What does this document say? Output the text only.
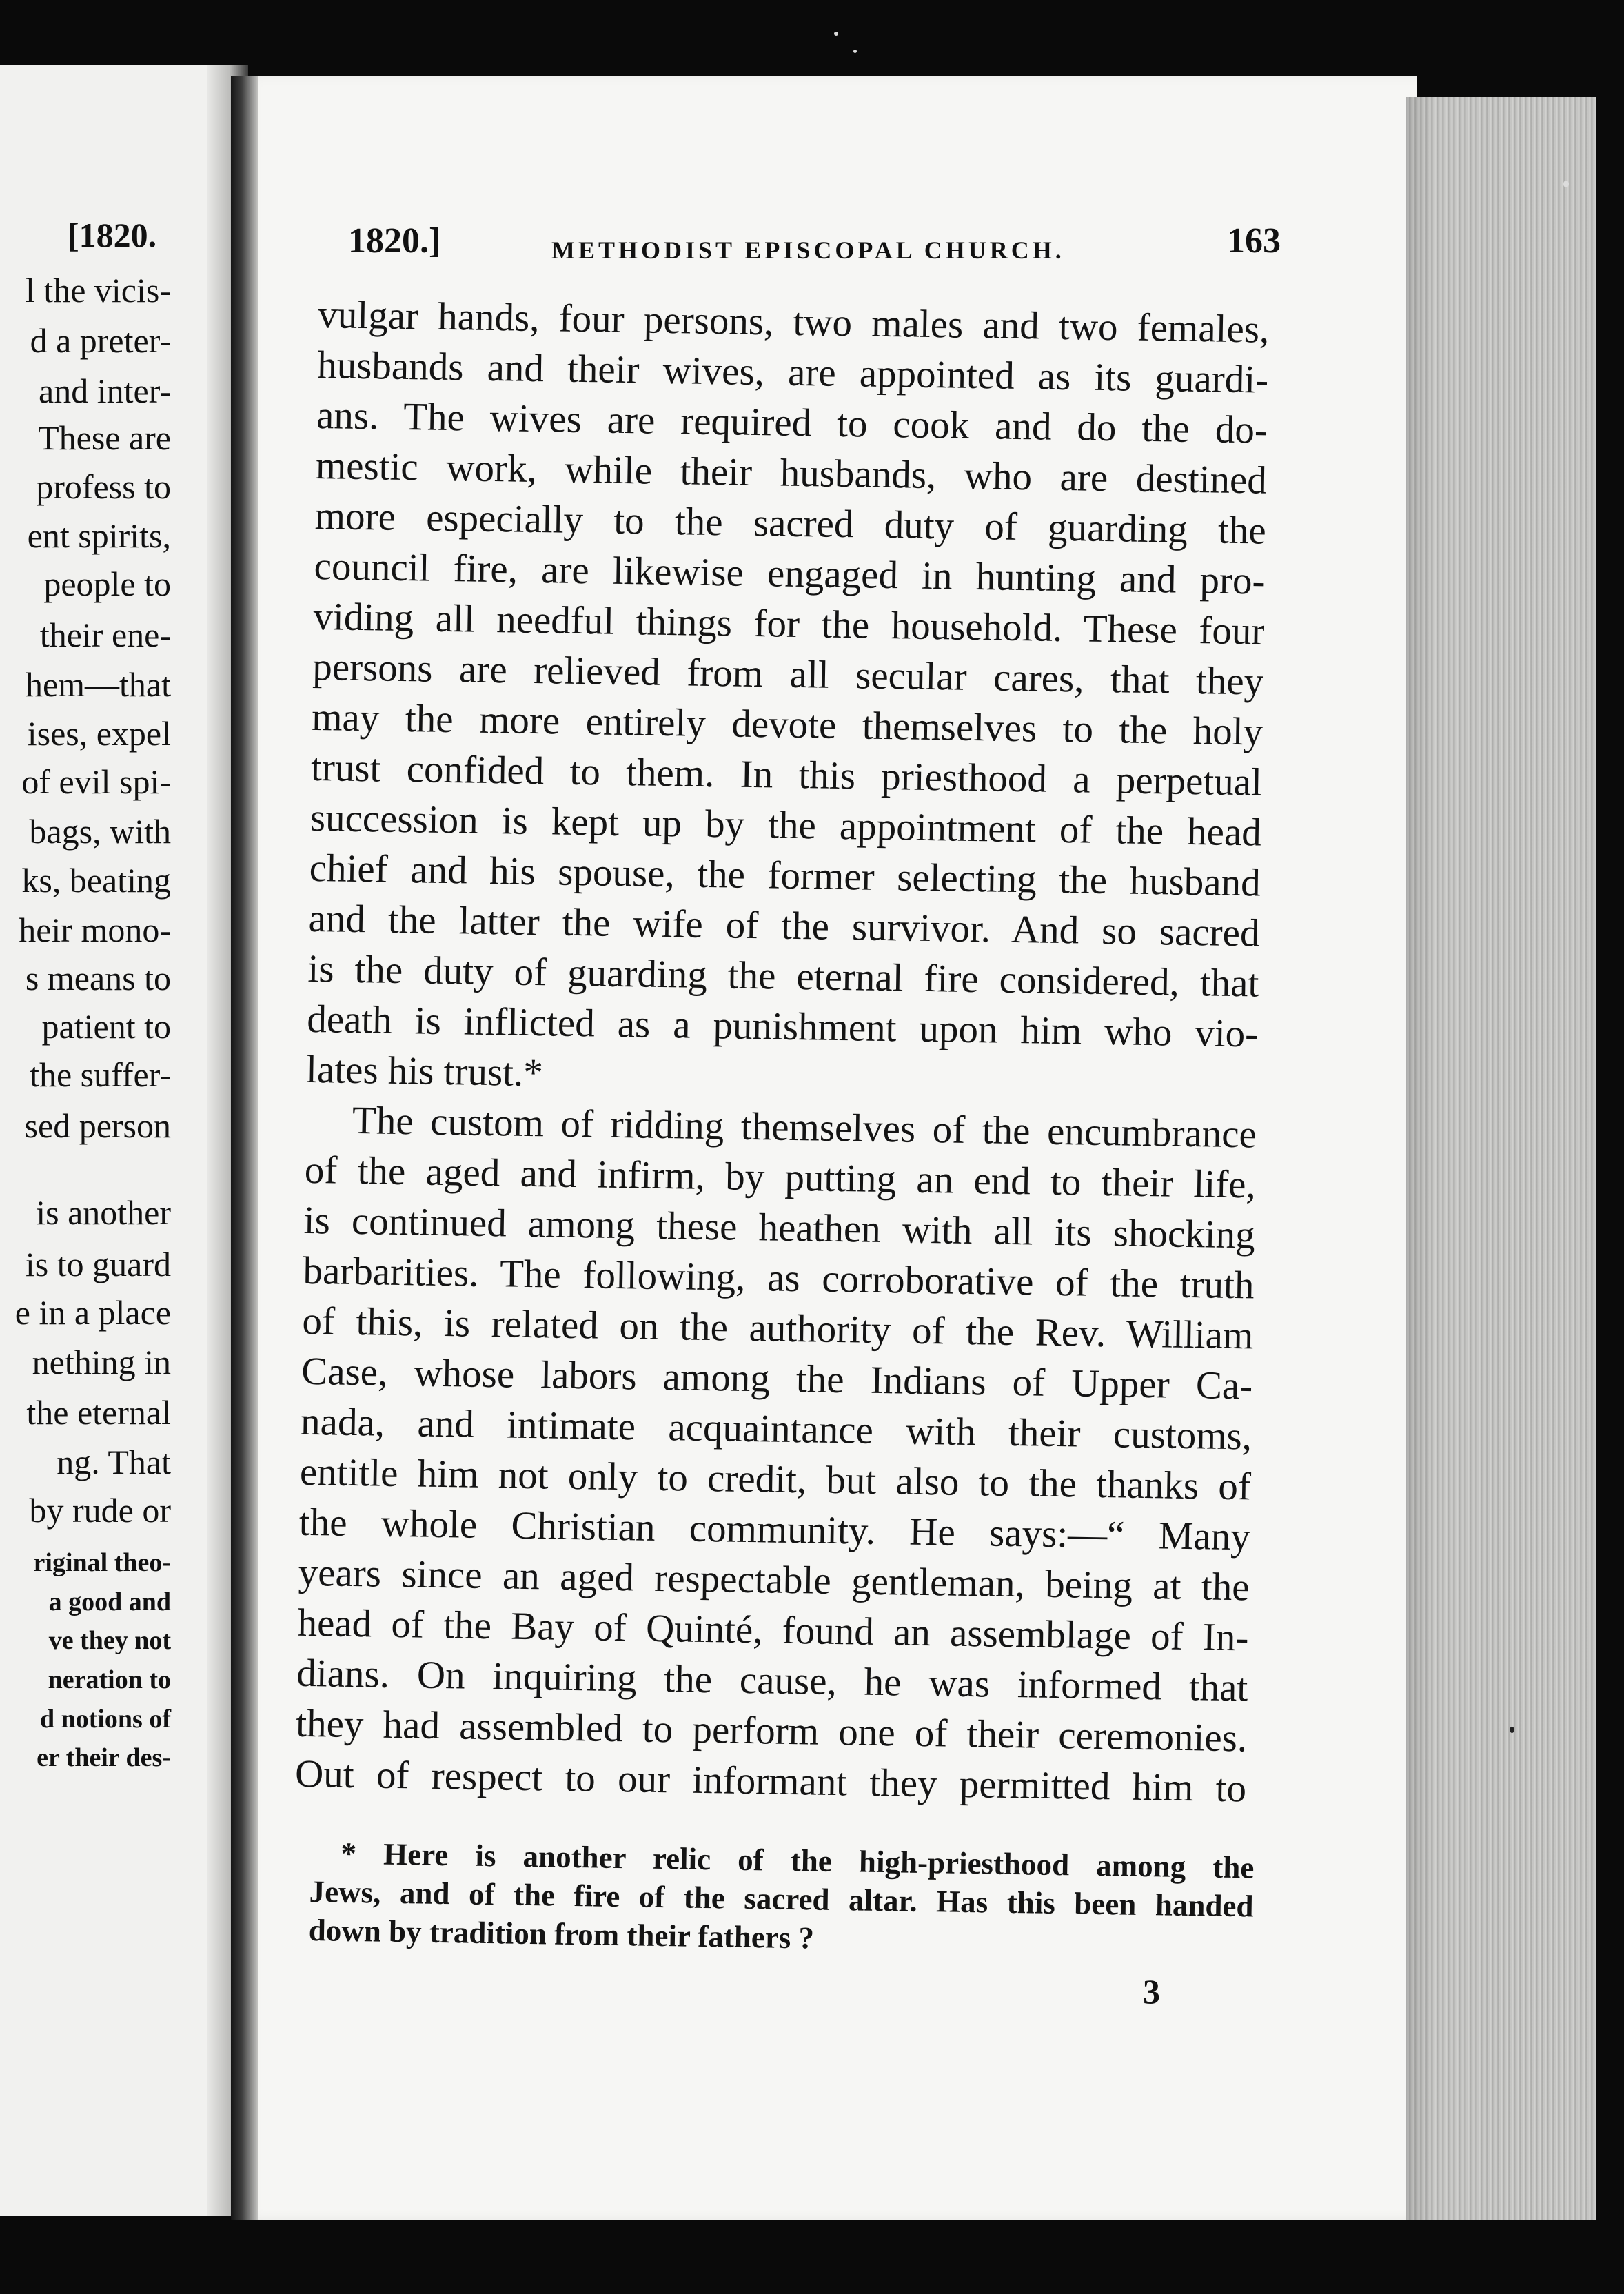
[1820.
l the vicis-
d a preter-
and inter-
These are
profess to
ent spirits,
people to
their ene-
hem—that
ises, expel
of evil spi-
bags, with
ks, beating
heir mono-
s means to
patient to
the suffer-
sed person
is another
is to guard
e in a place
nething in
the eternal
ng. That
by rude or
riginal theo-
a good and
ve they not
neration to
d notions of
er their des-
1820.]	METHODIST EPISCOPAL CHURCH.	163
vulgar hands, four persons, two males and two females,
husbands and their wives, are appointed as its guardi-
ans. The wives are required to cook and do the do-
mestic work, while their husbands, who are destined
more especially to the sacred duty of guarding the
council fire, are likewise engaged in hunting and pro-
viding all needful things for the household. These four
persons are relieved from all secular cares, that they
may the more entirely devote themselves to the holy
trust confided to them. In this priesthood a perpetual
succession is kept up by the appointment of the head
chief and his spouse, the former selecting the husband
and the latter the wife of the survivor. And so sacred
is the duty of guarding the eternal fire considered, that
death is inflicted as a punishment upon him who vio-
lates his trust.*
The custom of ridding themselves of the encumbrance
of the aged and infirm, by putting an end to their life,
is continued among these heathen with all its shocking
barbarities. The following, as corroborative of the truth
of this, is related on the authority of the Rev. William
Case, whose labors among the Indians of Upper Ca-
nada, and intimate acquaintance with their customs,
entitle him not only to credit, but also to the thanks of
the whole Christian community. He says:—“ Many
years since an aged respectable gentleman, being at the
head of the Bay of Quinté, found an assemblage of In-
dians. On inquiring the cause, he was informed that
they had assembled to perform one of their ceremonies.
Out of respect to our informant they permitted him to
* Here is another relic of the high-priesthood among the
Jews, and of the fire of the sacred altar. Has this been handed
down by tradition from their fathers ?
3
